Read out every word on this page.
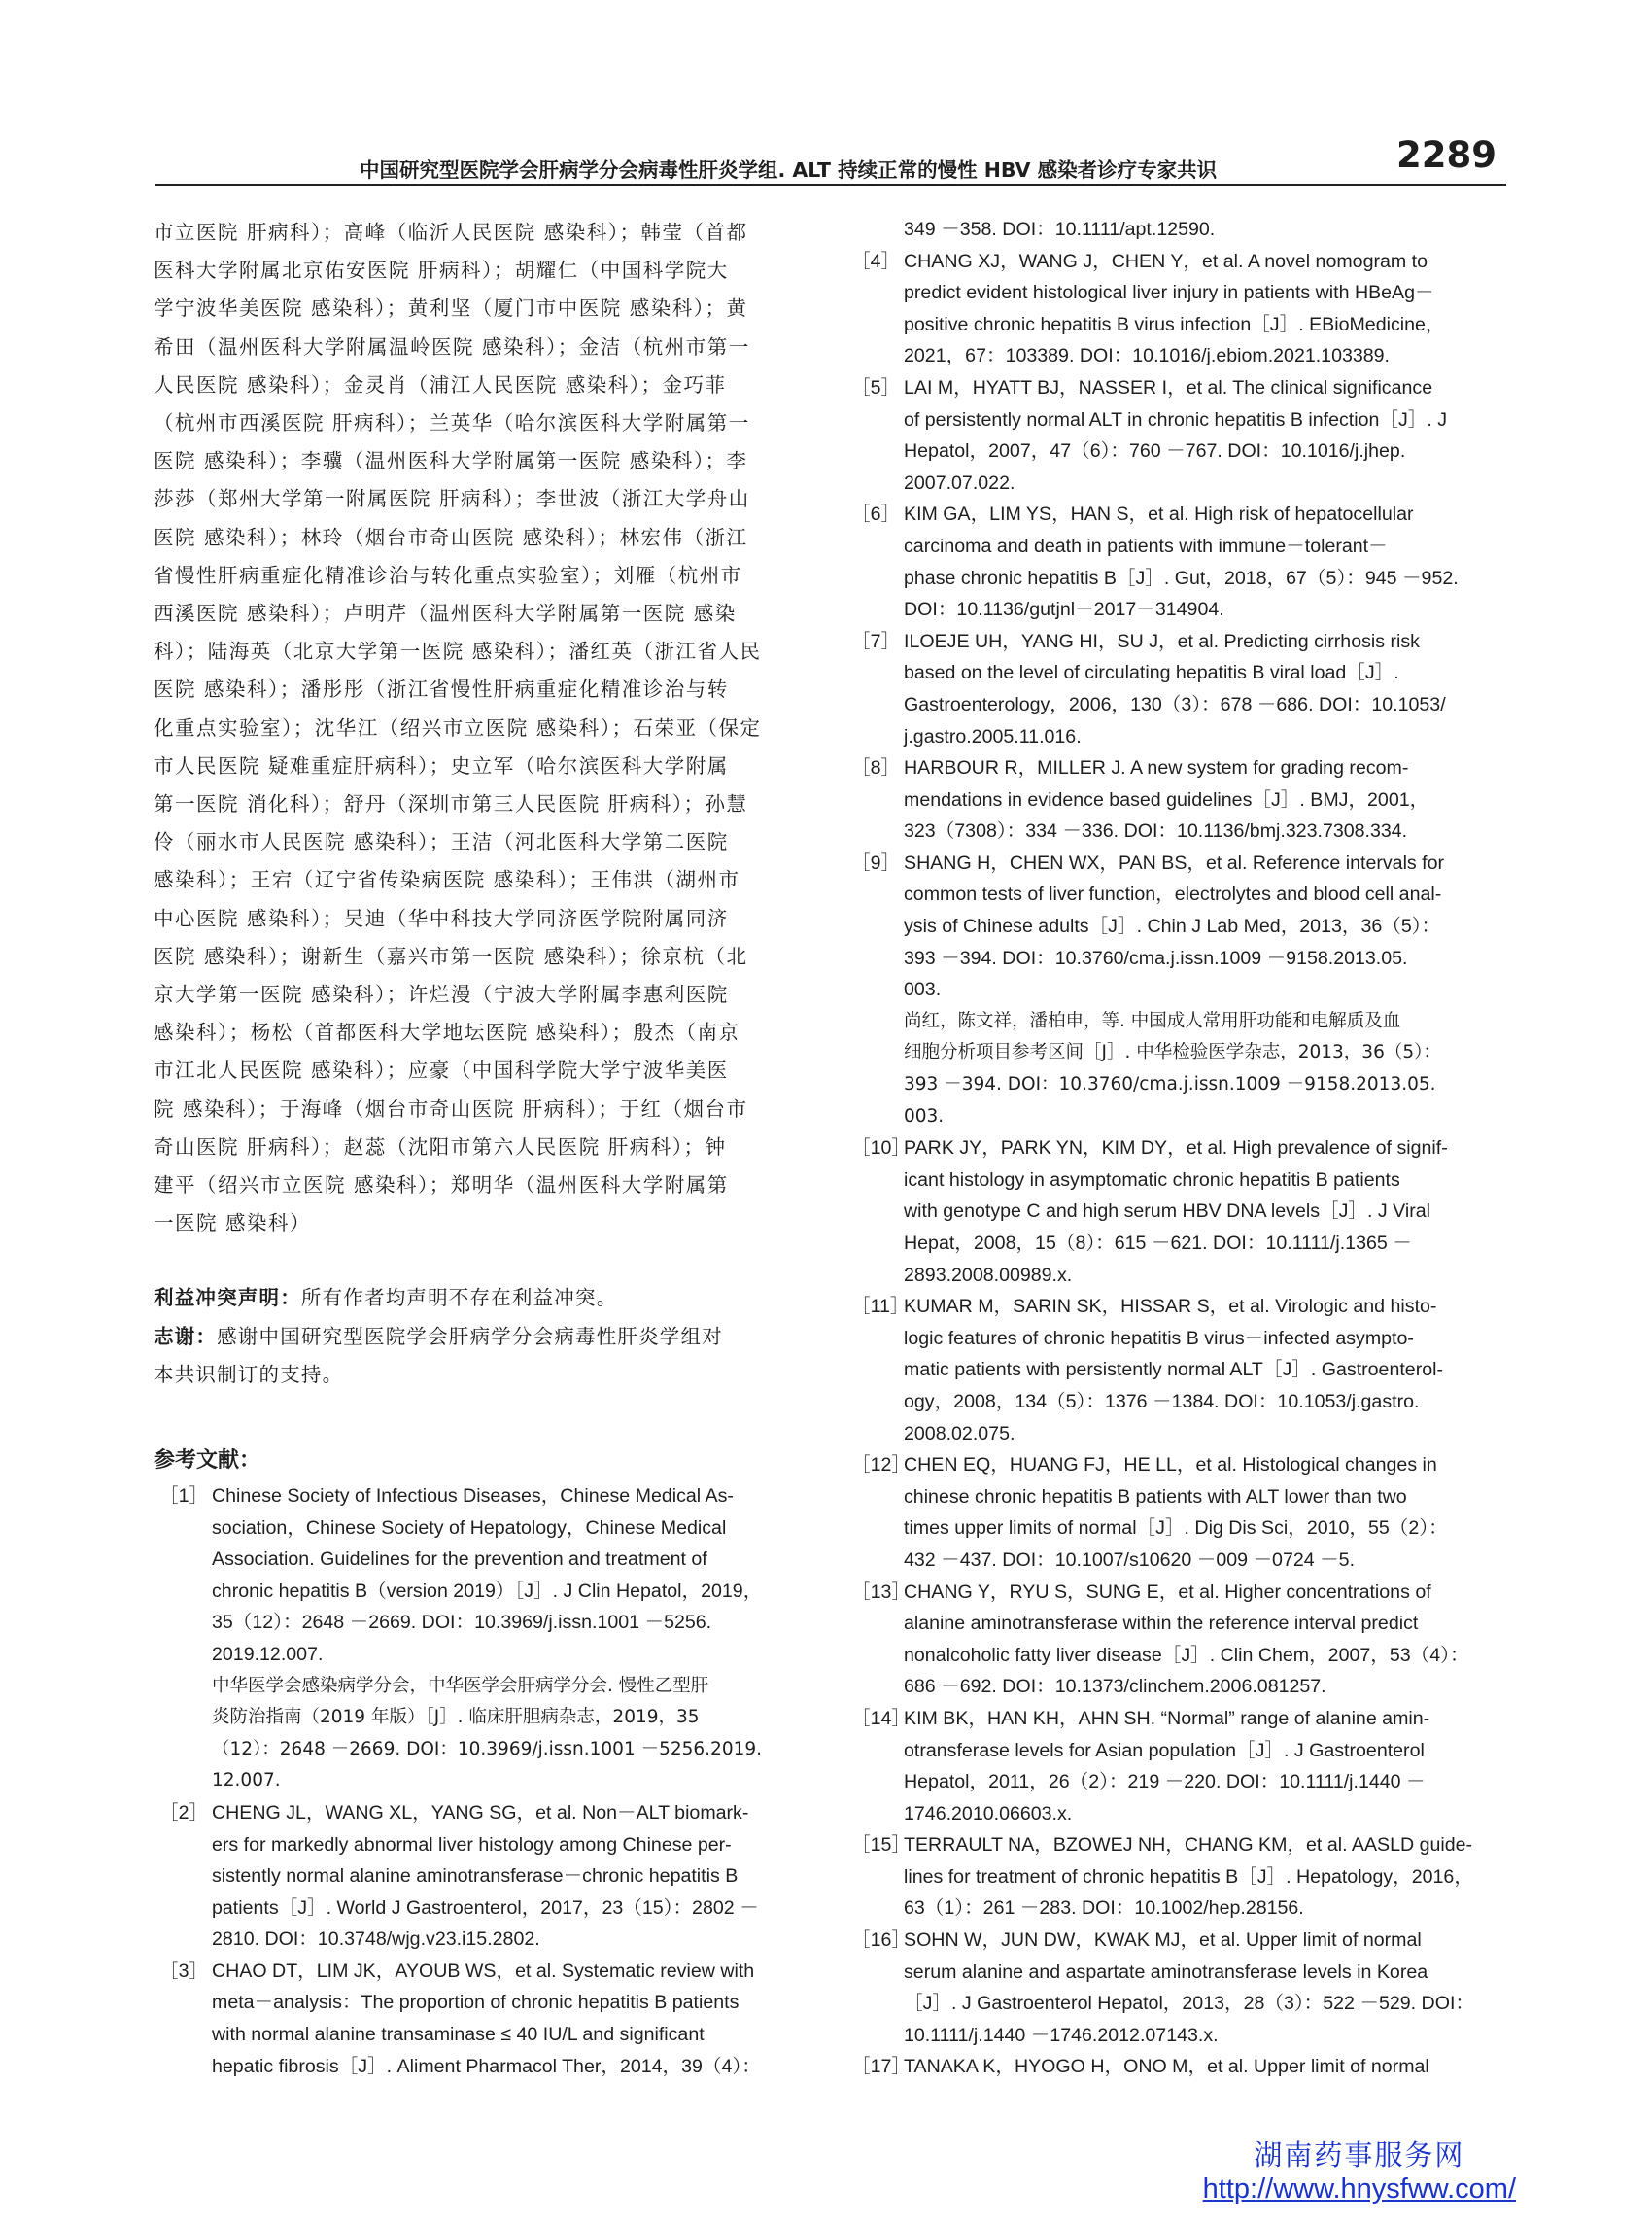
中国研究型医院学会肝病学分会病毒性肝炎学组. ALT 持续正常的慢性 HBV 感染者诊疗专家共识	2289
市立医院 肝病科）；高峰（临沂人民医院 感染科）；韩莹（首都
医科大学附属北京佑安医院 肝病科）；胡耀仁（中国科学院大
学宁波华美医院 感染科）；黄利坚（厦门市中医院 感染科）；黄
希田（温州医科大学附属温岭医院 感染科）；金洁（杭州市第一
人民医院 感染科）；金灵肖（浦江人民医院 感染科）；金巧菲
（杭州市西溪医院 肝病科）；兰英华（哈尔滨医科大学附属第一
医院 感染科）；李骥（温州医科大学附属第一医院 感染科）；李
莎莎（郑州大学第一附属医院 肝病科）；李世波（浙江大学舟山
医院 感染科）；林玲（烟台市奇山医院 感染科）；林宏伟（浙江
省慢性肝病重症化精准诊治与转化重点实验室）；刘雁（杭州市
西溪医院 感染科）；卢明芹（温州医科大学附属第一医院 感染
科）；陆海英（北京大学第一医院 感染科）；潘红英（浙江省人民
医院 感染科）；潘彤彤（浙江省慢性肝病重症化精准诊治与转
化重点实验室）；沈华江（绍兴市立医院 感染科）；石荣亚（保定
市人民医院 疑难重症肝病科）；史立军（哈尔滨医科大学附属
第一医院 消化科）；舒丹（深圳市第三人民医院 肝病科）；孙慧
伶（丽水市人民医院 感染科）；王洁（河北医科大学第二医院
感染科）；王宕（辽宁省传染病医院 感染科）；王伟洪（湖州市
中心医院 感染科）；吴迪（华中科技大学同济医学院附属同济
医院 感染科）；谢新生（嘉兴市第一医院 感染科）；徐京杭（北
京大学第一医院 感染科）；许烂漫（宁波大学附属李惠利医院
感染科）；杨松（首都医科大学地坛医院 感染科）；殷杰（南京
市江北人民医院 感染科）；应豪（中国科学院大学宁波华美医
院 感染科）；于海峰（烟台市奇山医院 肝病科）；于红（烟台市
奇山医院 肝病科）；赵蕊（沈阳市第六人民医院 肝病科）；钟
建平（绍兴市立医院 感染科）；郑明华（温州医科大学附属第
一医院 感染科）
利益冲突声明：所有作者均声明不存在利益冲突。
志谢：感谢中国研究型医院学会肝病学分会病毒性肝炎学组对
本共识制订的支持。
参考文献：
［1］ Chinese Society of Infectious Diseases，Chinese Medical As-
sociation，Chinese Society of Hepatology，Chinese Medical
Association. Guidelines for the prevention and treatment of
chronic hepatitis B（version 2019）［J］. J Clin Hepatol，2019，
35（12）：2648 －2669. DOI：10.3969/j.issn.1001 －5256.
2019.12.007.
中华医学会感染病学分会，中华医学会肝病学分会. 慢性乙型肝
炎防治指南（2019 年版）［J］. 临床肝胆病杂志，2019，35
（12）：2648 －2669. DOI：10.3969/j.issn.1001 －5256.2019.
12.007.
［2］ CHENG JL，WANG XL，YANG SG，et al. Non－ALT biomark-
ers for markedly abnormal liver histology among Chinese per-
sistently normal alanine aminotransferase－chronic hepatitis B
patients［J］. World J Gastroenterol，2017，23（15）：2802 －
2810. DOI：10.3748/wjg.v23.i15.2802.
［3］ CHAO DT，LIM JK，AYOUB WS，et al. Systematic review with
meta－analysis：The proportion of chronic hepatitis B patients
with normal alanine transaminase ≤ 40 IU/L and significant
hepatic fibrosis［J］. Aliment Pharmacol Ther，2014，39（4）：
349 －358. DOI：10.1111/apt.12590.
［4］ CHANG XJ，WANG J，CHEN Y，et al. A novel nomogram to
predict evident histological liver injury in patients with HBeAg－
positive chronic hepatitis B virus infection［J］. EBioMedicine，
2021，67：103389. DOI：10.1016/j.ebiom.2021.103389.
［5］ LAI M，HYATT BJ，NASSER I，et al. The clinical significance
of persistently normal ALT in chronic hepatitis B infection［J］. J
Hepatol，2007，47（6）：760 －767. DOI：10.1016/j.jhep.
2007.07.022.
［6］ KIM GA，LIM YS，HAN S，et al. High risk of hepatocellular
carcinoma and death in patients with immune－tolerant－
phase chronic hepatitis B［J］. Gut，2018，67（5）：945 －952.
DOI：10.1136/gutjnl－2017－314904.
［7］ ILOEJE UH，YANG HI，SU J，et al. Predicting cirrhosis risk
based on the level of circulating hepatitis B viral load［J］.
Gastroenterology，2006，130（3）：678 －686. DOI：10.1053/
j.gastro.2005.11.016.
［8］ HARBOUR R，MILLER J. A new system for grading recom-
mendations in evidence based guidelines［J］. BMJ，2001，
323（7308）：334 －336. DOI：10.1136/bmj.323.7308.334.
［9］ SHANG H，CHEN WX，PAN BS，et al. Reference intervals for
common tests of liver function，electrolytes and blood cell anal-
ysis of Chinese adults［J］. Chin J Lab Med，2013，36（5）：
393 －394. DOI：10.3760/cma.j.issn.1009 －9158.2013.05.
003.
尚红，陈文祥，潘柏申，等. 中国成人常用肝功能和电解质及血
细胞分析项目参考区间［J］. 中华检验医学杂志，2013，36（5）：
393 －394. DOI：10.3760/cma.j.issn.1009 －9158.2013.05.
003.
［10］
PARK JY，PARK YN，KIM DY，et al. High prevalence of signif-
icant histology in asymptomatic chronic hepatitis B patients
with genotype C and high serum HBV DNA levels［J］. J Viral
Hepat，2008，15（8）：615 －621. DOI：10.1111/j.1365 －
2893.2008.00989.x.
［11］
KUMAR M，SARIN SK，HISSAR S，et al. Virologic and histo-
logic features of chronic hepatitis B virus－infected asympto-
matic patients with persistently normal ALT［J］. Gastroenterol-
ogy，2008，134（5）：1376 －1384. DOI：10.1053/j.gastro.
2008.02.075.
［12］
CHEN EQ，HUANG FJ，HE LL，et al. Histological changes in
chinese chronic hepatitis B patients with ALT lower than two
times upper limits of normal［J］. Dig Dis Sci，2010，55（2）：
432 －437. DOI：10.1007/s10620 －009 －0724 －5.
［13］
CHANG Y，RYU S，SUNG E，et al. Higher concentrations of
alanine aminotransferase within the reference interval predict
nonalcoholic fatty liver disease［J］. Clin Chem，2007，53（4）：
686 －692. DOI：10.1373/clinchem.2006.081257.
［14］
KIM BK，HAN KH，AHN SH. “Normal” range of alanine amin-
otransferase levels for Asian population［J］. J Gastroenterol
Hepatol，2011，26（2）：219 －220. DOI：10.1111/j.1440 －
1746.2010.06603.x.
［15］
TERRAULT NA，BZOWEJ NH，CHANG KM，et al. AASLD guide-
lines for treatment of chronic hepatitis B［J］. Hepatology，2016，
63（1）：261 －283. DOI：10.1002/hep.28156.
［16］
SOHN W，JUN DW，KWAK MJ，et al. Upper limit of normal
serum alanine and aspartate aminotransferase levels in Korea
［J］. J Gastroenterol Hepatol，2013，28（3）：522 －529. DOI：
10.1111/j.1440 －1746.2012.07143.x.
［17］
TANAKA K，HYOGO H，ONO M，et al. Upper limit of normal
湖南药事服务网
http://www.hnysfww.com/
